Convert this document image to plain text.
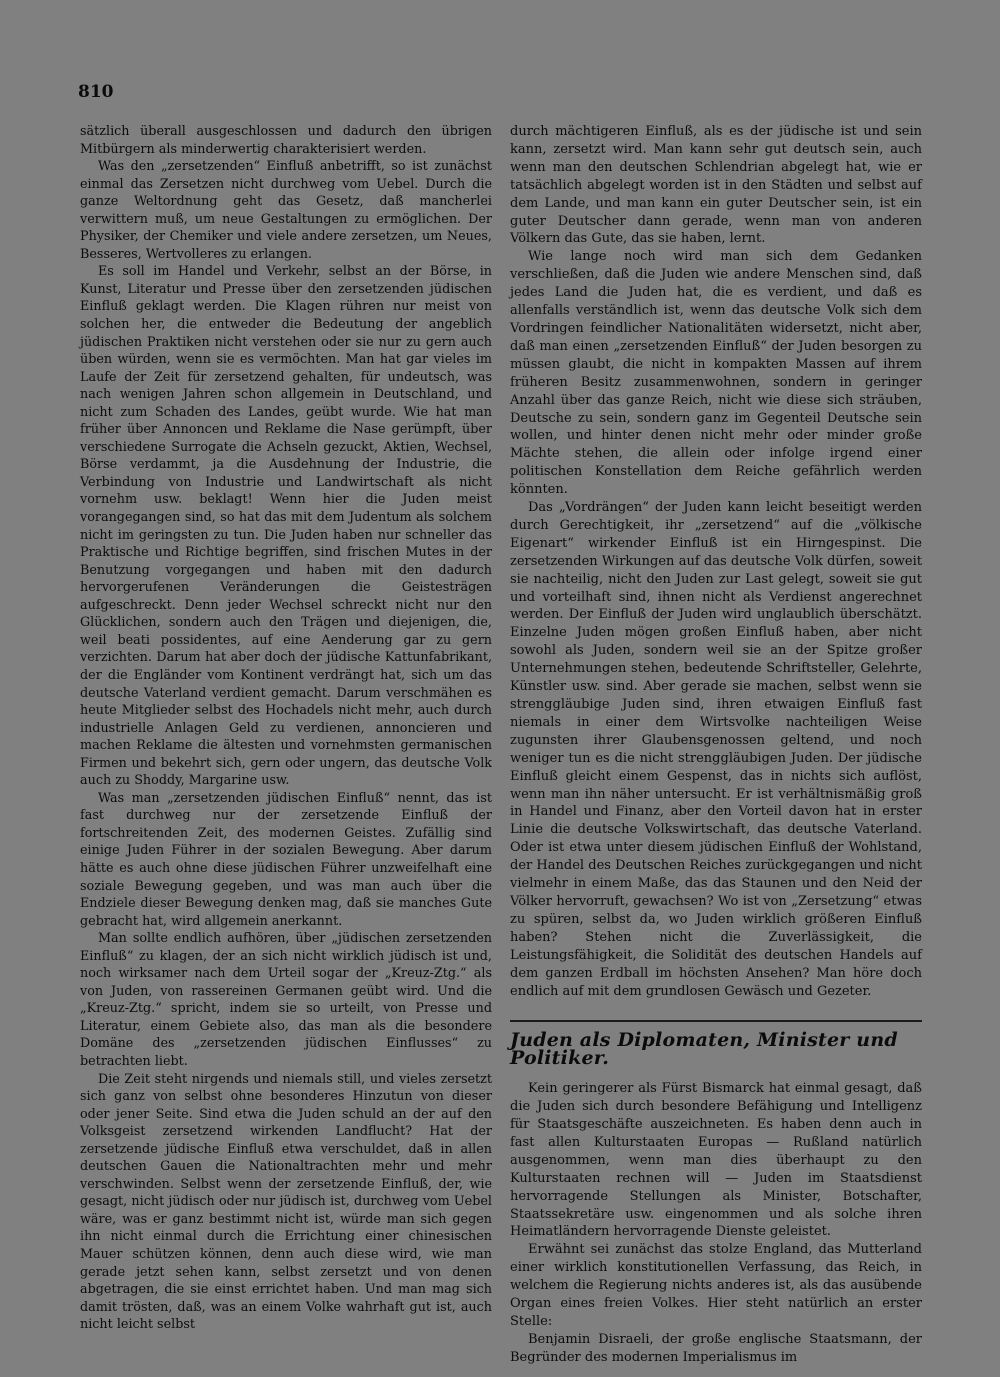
810

sätzlich überall ausgeschlossen und dadurch den übrigen Mitbürgern als minderwertig charakterisiert werden.

Was den „zersetzenden“ Einfluß anbetrifft, so ist zunächst einmal das Zersetzen nicht durchweg vom Uebel. Durch die ganze Weltordnung geht das Gesetz, daß mancherlei verwittern muß, um neue Gestaltungen zu ermöglichen. Der Physiker, der Chemiker und viele andere zersetzen, um Neues, Besseres, Wertvolleres zu erlangen.

Es soll im Handel und Verkehr, selbst an der Börse, in Kunst, Literatur und Presse über den zersetzenden jüdischen Einfluß geklagt werden. Die Klagen rühren nur meist von solchen her, die entweder die Bedeutung der angeblich jüdischen Praktiken nicht verstehen oder sie nur zu gern auch üben würden, wenn sie es vermöchten. Man hat gar vieles im Laufe der Zeit für zersetzend gehalten, für undeutsch, was nach wenigen Jahren schon allgemein in Deutschland, und nicht zum Schaden des Landes, geübt wurde. Wie hat man früher über Annoncen und Reklame die Nase gerümpft, über verschiedene Surrogate die Achseln gezuckt, Aktien, Wechsel, Börse verdammt, ja die Ausdehnung der Industrie, die Verbindung von Industrie und Landwirtschaft als nicht vornehm usw. beklagt! Wenn hier die Juden meist vorangegangen sind, so hat das mit dem Judentum als solchem nicht im geringsten zu tun. Die Juden haben nur schneller das Praktische und Richtige begriffen, sind frischen Mutes in der Benutzung vorgegangen und haben mit den dadurch hervorgerufenen Veränderungen die Geistesträgen aufgeschreckt. Denn jeder Wechsel schreckt nicht nur den Glücklichen, sondern auch den Trägen und diejenigen, die, weil beati possidentes, auf eine Aenderung gar zu gern verzichten. Darum hat aber doch der jüdische Kattunfabrikant, der die Engländer vom Kontinent verdrängt hat, sich um das deutsche Vaterland verdient gemacht. Darum verschmähen es heute Mitglieder selbst des Hochadels nicht mehr, auch durch industrielle Anlagen Geld zu verdienen, annoncieren und machen Reklame die ältesten und vornehmsten germanischen Firmen und bekehrt sich, gern oder ungern, das deutsche Volk auch zu Shoddy, Margarine usw.

Was man „zersetzenden jüdischen Einfluß“ nennt, das ist fast durchweg nur der zersetzende Einfluß der fortschreitenden Zeit, des modernen Geistes. Zufällig sind einige Juden Führer in der sozialen Bewegung. Aber darum hätte es auch ohne diese jüdischen Führer unzweifelhaft eine soziale Bewegung gegeben, und was man auch über die Endziele dieser Bewegung denken mag, daß sie manches Gute gebracht hat, wird allgemein anerkannt.

Man sollte endlich aufhören, über „jüdischen zersetzenden Einfluß“ zu klagen, der an sich nicht wirklich jüdisch ist und, noch wirksamer nach dem Urteil sogar der „Kreuz-Ztg.“ als von Juden, von rassereinen Germanen geübt wird. Und die „Kreuz-Ztg.“ spricht, indem sie so urteilt, von Presse und Literatur, einem Gebiete also, das man als die besondere Domäne des „zersetzenden jüdischen Einflusses“ zu betrachten liebt.

Die Zeit steht nirgends und niemals still, und vieles zersetzt sich ganz von selbst ohne besonderes Hinzutun von dieser oder jener Seite. Sind etwa die Juden schuld an der auf den Volksgeist zersetzend wirkenden Landflucht? Hat der zersetzende jüdische Einfluß etwa verschuldet, daß in allen deutschen Gauen die Nationaltrachten mehr und mehr verschwinden. Selbst wenn der zersetzende Einfluß, der, wie gesagt, nicht jüdisch oder nur jüdisch ist, durchweg vom Uebel wäre, was er ganz bestimmt nicht ist, würde man sich gegen ihn nicht einmal durch die Errichtung einer chinesischen Mauer schützen können, denn auch diese wird, wie man gerade jetzt sehen kann, selbst zersetzt und von denen abgetragen, die sie einst errichtet haben. Und man mag sich damit trösten, daß, was an einem Volke wahrhaft gut ist, auch nicht leicht selbst

durch mächtigeren Einfluß, als es der jüdische ist und sein kann, zersetzt wird. Man kann sehr gut deutsch sein, auch wenn man den deutschen Schlendrian abgelegt hat, wie er tatsächlich abgelegt worden ist in den Städten und selbst auf dem Lande, und man kann ein guter Deutscher sein, ist ein guter Deutscher dann gerade, wenn man von anderen Völkern das Gute, das sie haben, lernt.

Wie lange noch wird man sich dem Gedanken verschließen, daß die Juden wie andere Menschen sind, daß jedes Land die Juden hat, die es verdient, und daß es allenfalls verständlich ist, wenn das deutsche Volk sich dem Vordringen feindlicher Nationalitäten widersetzt, nicht aber, daß man einen „zersetzenden Einfluß“ der Juden besorgen zu müssen glaubt, die nicht in kompakten Massen auf ihrem früheren Besitz zusammenwohnen, sondern in geringer Anzahl über das ganze Reich, nicht wie diese sich sträuben, Deutsche zu sein, sondern ganz im Gegenteil Deutsche sein wollen, und hinter denen nicht mehr oder minder große Mächte stehen, die allein oder infolge irgend einer politischen Konstellation dem Reiche gefährlich werden könnten.

Das „Vordrängen“ der Juden kann leicht beseitigt werden durch Gerechtigkeit, ihr „zersetzend“ auf die „völkische Eigenart“ wirkender Einfluß ist ein Hirngespinst. Die zersetzenden Wirkungen auf das deutsche Volk dürfen, soweit sie nachteilig, nicht den Juden zur Last gelegt, soweit sie gut und vorteilhaft sind, ihnen nicht als Verdienst angerechnet werden. Der Einfluß der Juden wird unglaublich überschätzt. Einzelne Juden mögen großen Einfluß haben, aber nicht sowohl als Juden, sondern weil sie an der Spitze großer Unternehmungen stehen, bedeutende Schriftsteller, Gelehrte, Künstler usw. sind. Aber gerade sie machen, selbst wenn sie strenggläubige Juden sind, ihren etwaigen Einfluß fast niemals in einer dem Wirtsvolke nachteiligen Weise zugunsten ihrer Glaubensgenossen geltend, und noch weniger tun es die nicht strenggläubigen Juden. Der jüdische Einfluß gleicht einem Gespenst, das in nichts sich auflöst, wenn man ihn näher untersucht. Er ist verhältnismäßig groß in Handel und Finanz, aber den Vorteil davon hat in erster Linie die deutsche Volkswirtschaft, das deutsche Vaterland. Oder ist etwa unter diesem jüdischen Einfluß der Wohlstand, der Handel des Deutschen Reiches zurückgegangen und nicht vielmehr in einem Maße, das das Staunen und den Neid der Völker hervorruft, gewachsen? Wo ist von „Zersetzung“ etwas zu spüren, selbst da, wo Juden wirklich größeren Einfluß haben? Stehen nicht die Zuverlässigkeit, die Leistungsfähigkeit, die Solidität des deutschen Handels auf dem ganzen Erdball im höchsten Ansehen? Man höre doch endlich auf mit dem grundlosen Gewäsch und Gezeter.

Juden als Diplomaten, Minister und Politiker.

Kein geringerer als Fürst Bismarck hat einmal gesagt, daß die Juden sich durch besondere Befähigung und Intelligenz für Staatsgeschäfte auszeichneten. Es haben denn auch in fast allen Kulturstaaten Europas — Rußland natürlich ausgenommen, wenn man dies überhaupt zu den Kulturstaaten rechnen will — Juden im Staatsdienst hervorragende Stellungen als Minister, Botschafter, Staatssekretäre usw. eingenommen und als solche ihren Heimatländern hervorragende Dienste geleistet.

Erwähnt sei zunächst das stolze England, das Mutterland einer wirklich konstitutionellen Verfassung, das Reich, in welchem die Regierung nichts anderes ist, als das ausübende Organ eines freien Volkes. Hier steht natürlich an erster Stelle:

Benjamin Disraeli, der große englische Staatsmann, der Begründer des modernen Imperialismus im
